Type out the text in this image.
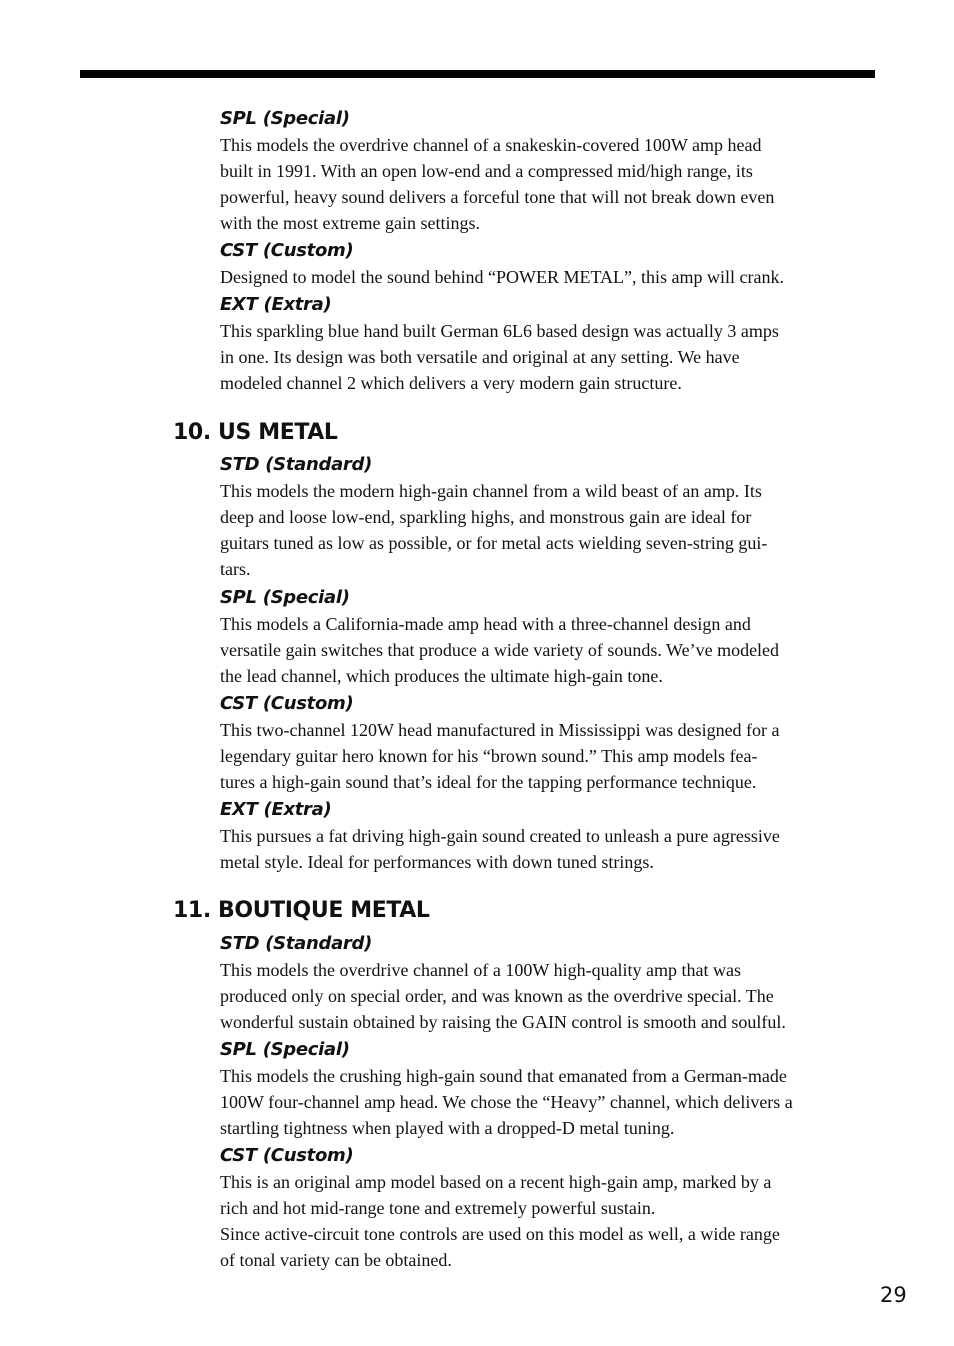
SPL (Special)

This models the overdrive channel of a snakeskin-covered 100W amp head
built in 1991. With an open low-end and a compressed mid/high range, its
powerful, heavy sound delivers a forceful tone that will not break down even
with the most extreme gain settings.

CST (Custom)

Designed to model the sound behind “POWER METAL”, this amp will crank.

EXT (Extra)

This sparkling blue hand built German 6L6 based design was actually 3 amps
in one. Its design was both versatile and original at any setting. We have
modeled channel 2 which delivers a very modern gain structure.

10. US METAL

STD (Standard)

This models the modern high-gain channel from a wild beast of an amp. Its
deep and loose low-end, sparkling highs, and monstrous gain are ideal for
guitars tuned as low as possible, or for metal acts wielding seven-string gui-
tars.

SPL (Special)

This models a California-made amp head with a three-channel design and
versatile gain switches that produce a wide variety of sounds. We’ve modeled
the lead channel, which produces the ultimate high-gain tone.

CST (Custom)

This two-channel 120W head manufactured in Mississippi was designed for a
legendary guitar hero known for his “brown sound.” This amp models fea-
tures a high-gain sound that’s ideal for the tapping performance technique.

EXT (Extra)

This pursues a fat driving high-gain sound created to unleash a pure agressive
metal style. Ideal for performances with down tuned strings.

11. BOUTIQUE METAL

STD (Standard)

This models the overdrive channel of a 100W high-quality amp that was
produced only on special order, and was known as the overdrive special. The
wonderful sustain obtained by raising the GAIN control is smooth and soulful.

SPL (Special)

This models the crushing high-gain sound that emanated from a German-made
100W four-channel amp head. We chose the “Heavy” channel, which delivers a
startling tightness when played with a dropped-D metal tuning.

CST (Custom)

This is an original amp model based on a recent high-gain amp, marked by a
rich and hot mid-range tone and extremely powerful sustain.
Since active-circuit tone controls are used on this model as well, a wide range
of tonal variety can be obtained.

29
